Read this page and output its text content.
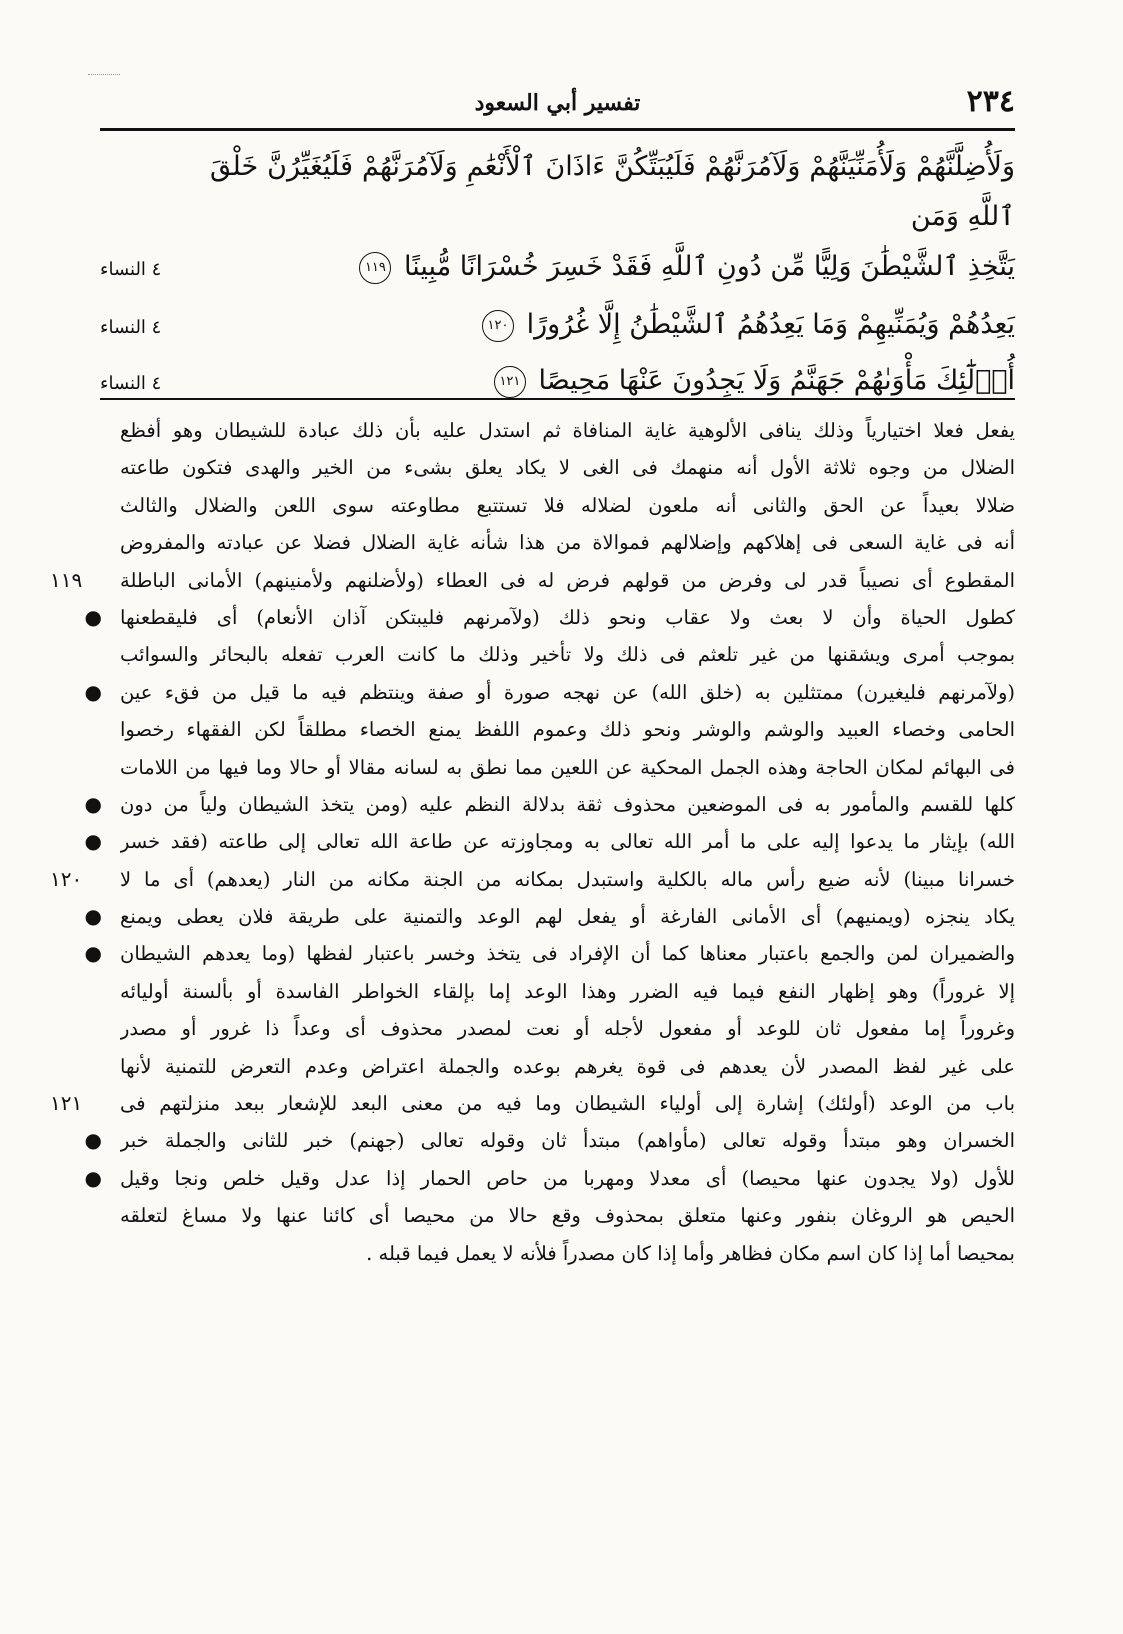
٢٣٤
تفسير أبي السعود
وَلَأُضِلَّنَّهُمْ وَلَأُمَنِّيَنَّهُمْ وَلَآمُرَنَّهُمْ فَلَيُبَتِّكُنَّ ءَاذَانَ ٱلْأَنْعَٰمِ وَلَآمُرَنَّهُمْ فَلَيُغَيِّرُنَّ خَلْقَ ٱللَّهِ وَمَن
يَتَّخِذِ ٱلشَّيْطَٰنَ وَلِيًّا مِّن دُونِ ٱللَّهِ فَقَدْ خَسِرَ خُسْرَانًا مُّبِينًا ١١٩
٤ النساء
يَعِدُهُمْ وَيُمَنِّيهِمْ وَمَا يَعِدُهُمُ ٱلشَّيْطَٰنُ إِلَّا غُرُورًا ١٢٠
٤ النساء
أُو۟لَٰٓئِكَ مَأْوَىٰهُمْ جَهَنَّمُ وَلَا يَجِدُونَ عَنْهَا مَحِيصًا ١٢١
٤ النساء
١١٩
●
●
●
●
١٢٠
●
●
١٢١
●
●
يفعل فعلا اختيارياً وذلك ينافى الألوهية غاية المنافاة ثم استدل عليه بأن ذلك عبادة للشيطان وهو أفظع
الضلال من وجوه ثلاثة الأول أنه منهمك فى الغى لا يكاد يعلق بشىء من الخير والهدى فتكون طاعته
ضلالا بعيداً عن الحق والثانى أنه ملعون لضلاله فلا تستتبع مطاوعته سوى اللعن والضلال والثالث
أنه فى غاية السعى فى إهلاكهم وإضلالهم فموالاة من هذا شأنه غاية الضلال فضلا عن عبادته والمفروض
المقطوع أى نصيباً قدر لى وفرض من قولهم فرض له فى العطاء (ولأضلنهم ولأمنينهم) الأمانى الباطلة
كطول الحياة وأن لا بعث ولا عقاب ونحو ذلك (ولآمرنهم فليبتكن آذان الأنعام) أى فليقطعنها
بموجب أمرى ويشقنها من غير تلعثم فى ذلك ولا تأخير وذلك ما كانت العرب تفعله بالبحائر والسوائب
(ولآمرنهم فليغيرن) ممتثلين به (خلق الله) عن نهجه صورة أو صفة وينتظم فيه ما قيل من فقء عين
الحامى وخصاء العبيد والوشم والوشر ونحو ذلك وعموم اللفظ يمنع الخصاء مطلقاً لكن الفقهاء رخصوا
فى البهائم لمكان الحاجة وهذه الجمل المحكية عن اللعين مما نطق به لسانه مقالا أو حالا وما فيها من اللامات
كلها للقسم والمأمور به فى الموضعين محذوف ثقة بدلالة النظم عليه (ومن يتخذ الشيطان ولياً من دون
الله) بإيثار ما يدعوا إليه على ما أمر الله تعالى به ومجاوزته عن طاعة الله تعالى إلى طاعته (فقد خسر
خسرانا مبينا) لأنه ضيع رأس ماله بالكلية واستبدل بمكانه من الجنة مكانه من النار (يعدهم) أى ما لا
يكاد ينجزه (ويمنيهم) أى الأمانى الفارغة أو يفعل لهم الوعد والتمنية على طريقة فلان يعطى ويمنع
والضميران لمن والجمع باعتبار معناها كما أن الإفراد فى يتخذ وخسر باعتبار لفظها (وما يعدهم الشيطان
إلا غروراً) وهو إظهار النفع فيما فيه الضرر وهذا الوعد إما بإلقاء الخواطر الفاسدة أو بألسنة أوليائه
وغروراً إما مفعول ثان للوعد أو مفعول لأجله أو نعت لمصدر محذوف أى وعداً ذا غرور أو مصدر
على غير لفظ المصدر لأن يعدهم فى قوة يغرهم بوعده والجملة اعتراض وعدم التعرض للتمنية لأنها
باب من الوعد (أولئك) إشارة إلى أولياء الشيطان وما فيه من معنى البعد للإشعار ببعد منزلتهم فى
الخسران وهو مبتدأ وقوله تعالى (مأواهم) مبتدأ ثان وقوله تعالى (جهنم) خبر للثانى والجملة خبر
للأول (ولا يجدون عنها محيصا) أى معدلا ومهربا من حاص الحمار إذا عدل وقيل خلص ونجا وقيل
الحيص هو الروغان بنفور وعنها متعلق بمحذوف وقع حالا من محيصا أى كائنا عنها ولا مساغ لتعلقه
بمحيصا أما إذا كان اسم مكان فظاهر وأما إذا كان مصدراً فلأنه لا يعمل فيما قبله .
